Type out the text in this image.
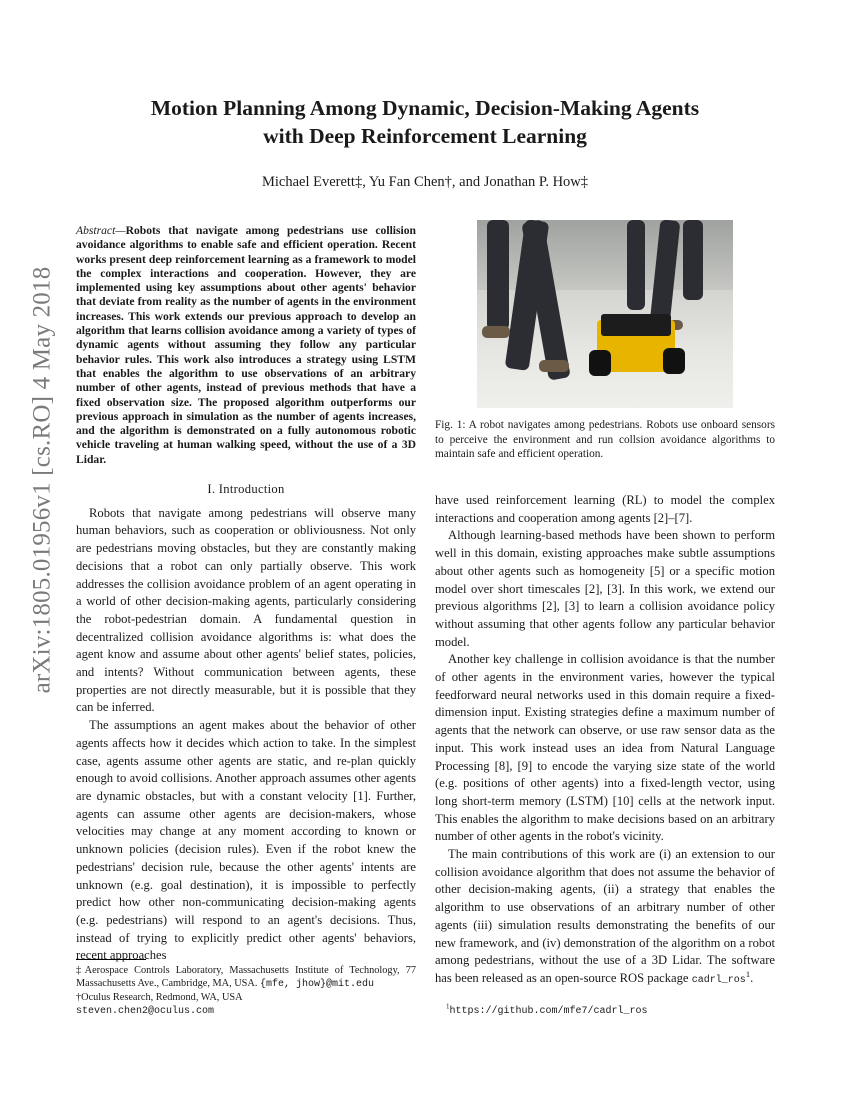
arXiv:1805.01956v1 [cs.RO] 4 May 2018
Motion Planning Among Dynamic, Decision-Making Agents
with Deep Reinforcement Learning
Michael Everett‡, Yu Fan Chen†, and Jonathan P. How‡
Abstract—Robots that navigate among pedestrians use collision avoidance algorithms to enable safe and efficient operation. Recent works present deep reinforcement learning as a framework to model the complex interactions and cooperation. However, they are implemented using key assumptions about other agents' behavior that deviate from reality as the number of agents in the environment increases. This work extends our previous approach to develop an algorithm that learns collision avoidance among a variety of types of dynamic agents without assuming they follow any particular behavior rules. This work also introduces a strategy using LSTM that enables the algorithm to use observations of an arbitrary number of other agents, instead of previous methods that have a fixed observation size. The proposed algorithm outperforms our previous approach in simulation as the number of agents increases, and the algorithm is demonstrated on a fully autonomous robotic vehicle traveling at human walking speed, without the use of a 3D Lidar.
I. Introduction

Robots that navigate among pedestrians will observe many human behaviors, such as cooperation or obliviousness. Not only are pedestrians moving obstacles, but they are constantly making decisions that a robot can only partially observe. This work addresses the collision avoidance problem of an agent operating in a world of other decision-making agents, particularly considering the robot-pedestrian domain. A fundamental question in decentralized collision avoidance algorithms is: what does the agent know and assume about other agents' belief states, policies, and intents? Without communication between agents, these properties are not directly measurable, but it is possible that they can be inferred.

The assumptions an agent makes about the behavior of other agents affects how it decides which action to take. In the simplest case, agents assume other agents are static, and re-plan quickly enough to avoid collisions. Another approach assumes other agents are dynamic obstacles, but with a constant velocity [1]. Further, agents can assume other agents are decision-makers, whose velocities may change at any moment according to known or unknown policies (decision rules). Even if the robot knew the pedestrians' decision rule, because the other agents' intents are unknown (e.g. goal destination), it is impossible to perfectly predict how other non-communicating decision-making agents (e.g. pedestrians) will respond to an agent's decisions. Thus, instead of trying to explicitly predict other agents' behaviors, recent approaches

Fig. 1: A robot navigates among pedestrians. Robots use onboard sensors to perceive the environment and run collsion avoidance algorithms to maintain safe and efficient operation.

have used reinforcement learning (RL) to model the complex interactions and cooperation among agents [2]–[7].

Although learning-based methods have been shown to perform well in this domain, existing approaches make subtle assumptions about other agents such as homogeneity [5] or a specific motion model over short timescales [2], [3]. In this work, we extend our previous algorithms [2], [3] to learn a collision avoidance policy without assuming that other agents follow any particular behavior model.

Another key challenge in collision avoidance is that the number of other agents in the environment varies, however the typical feedforward neural networks used in this domain require a fixed-dimension input. Existing strategies define a maximum number of agents that the network can observe, or use raw sensor data as the input. This work instead uses an idea from Natural Language Processing [8], [9] to encode the varying size state of the world (e.g. positions of other agents) into a fixed-length vector, using long short-term memory (LSTM) [10] cells at the network input. This enables the algorithm to make decisions based on an arbitrary number of other agents in the robot's vicinity.

The main contributions of this work are (i) an extension to our collision avoidance algorithm that does not assume the behavior of other decision-making agents, (ii) a strategy that enables the algorithm to use observations of an arbitrary number of other agents (iii) simulation results demonstrating the benefits of our new framework, and (iv) demonstration of the algorithm on a robot among pedestrians, without the use of a 3D Lidar. The software has been released as an open-source ROS package cadrl_ros$^1$.

‡Aerospace Controls Laboratory, Massachusetts Institute of Technology, 77 Massachusetts Ave., Cambridge, MA, USA. {mfe, jhow}@mit.edu
†Oculus Research, Redmond, WA, USA
steven.chen2@oculus.com	$^1$https://github.com/mfe7/cadrl_ros
